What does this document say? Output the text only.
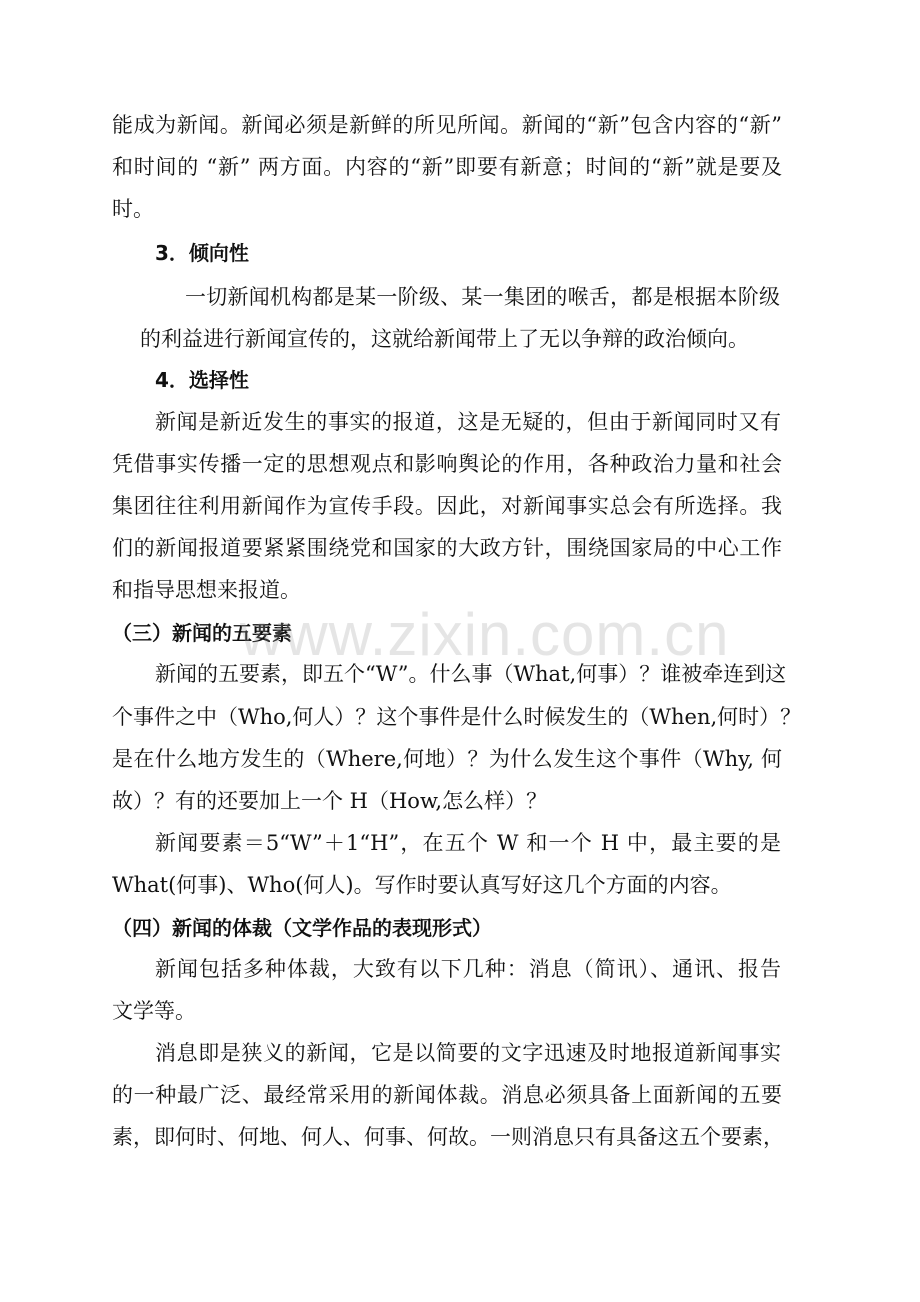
能成为新闻。新闻必须是新鲜的所见所闻。新闻的“新”包含内容的“新”

和时间的 “新” 两方面。内容的“新”即要有新意；时间的“新”就是要及

时。

3．倾向性

一切新闻机构都是某一阶级、某一集团的喉舌，都是根据本阶级

的利益进行新闻宣传的，这就给新闻带上了无以争辩的政治倾向。

4．选择性

新闻是新近发生的事实的报道，这是无疑的，但由于新闻同时又有

凭借事实传播一定的思想观点和影响舆论的作用，各种政治力量和社会

集团往往利用新闻作为宣传手段。因此，对新闻事实总会有所选择。我

们的新闻报道要紧紧围绕党和国家的大政方针，围绕国家局的中心工作

和指导思想来报道。

（三）新闻的五要素

新闻的五要素，即五个“W”。什么事（What,何事）？谁被牵连到这

个事件之中（Who,何人）？这个事件是什么时候发生的（When,何时）？

是在什么地方发生的（Where,何地）？为什么发生这个事件（Why, 何

故）？有的还要加上一个 H（How,怎么样）？

新闻要素＝5“W”＋1“H”，在五个 W 和一个 H 中，最主要的是

What(何事)、Who(何人)。写作时要认真写好这几个方面的内容。

（四）新闻的体裁（文学作品的表现形式）

新闻包括多种体裁，大致有以下几种：消息（简讯）、通讯、报告

文学等。

消息即是狭义的新闻，它是以简要的文字迅速及时地报道新闻事实

的一种最广泛、最经常采用的新闻体裁。消息必须具备上面新闻的五要

素，即何时、何地、何人、何事、何故。一则消息只有具备这五个要素，

www.zixin.com.cn
